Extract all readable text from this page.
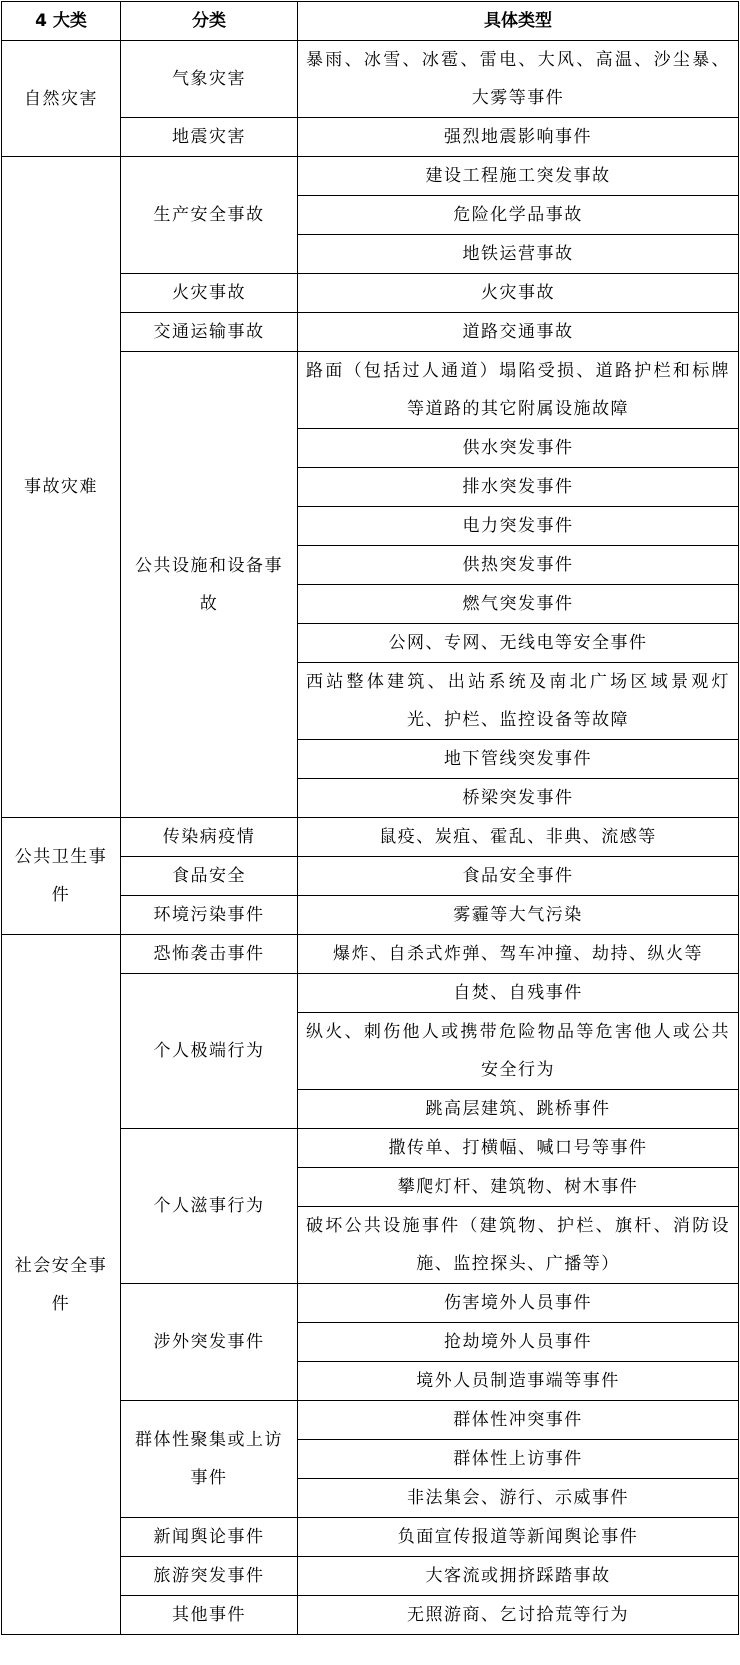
4 大类	分类	具体类型
自然灾害	气象灾害	暴雨、冰雪、冰雹、雷电、大风、高温、沙尘暴、大雾等事件
	地震灾害	强烈地震影响事件
事故灾难	生产安全事故	建设工程施工突发事故
		危险化学品事故
		地铁运营事故
	火灾事故	火灾事故
	交通运输事故	道路交通事故
	公共设施和设备事故	路面（包括过人通道）塌陷受损、道路护栏和标牌等道路的其它附属设施故障
		供水突发事件
		排水突发事件
		电力突发事件
		供热突发事件
		燃气突发事件
		公网、专网、无线电等安全事件
		西站整体建筑、出站系统及南北广场区域景观灯光、护栏、监控设备等故障
		地下管线突发事件
		桥梁突发事件
公共卫生事件	传染病疫情	鼠疫、炭疽、霍乱、非典、流感等
	食品安全	食品安全事件
	环境污染事件	雾霾等大气污染
社会安全事件	恐怖袭击事件	爆炸、自杀式炸弹、驾车冲撞、劫持、纵火等
	个人极端行为	自焚、自残事件
		纵火、刺伤他人或携带危险物品等危害他人或公共安全行为
		跳高层建筑、跳桥事件
	个人滋事行为	撒传单、打横幅、喊口号等事件
		攀爬灯杆、建筑物、树木事件
		破坏公共设施事件（建筑物、护栏、旗杆、消防设施、监控探头、广播等）
	涉外突发事件	伤害境外人员事件
		抢劫境外人员事件
		境外人员制造事端等事件
	群体性聚集或上访事件	群体性冲突事件
		群体性上访事件
		非法集会、游行、示威事件
	新闻舆论事件	负面宣传报道等新闻舆论事件
	旅游突发事件	大客流或拥挤踩踏事故
	其他事件	无照游商、乞讨拾荒等行为
